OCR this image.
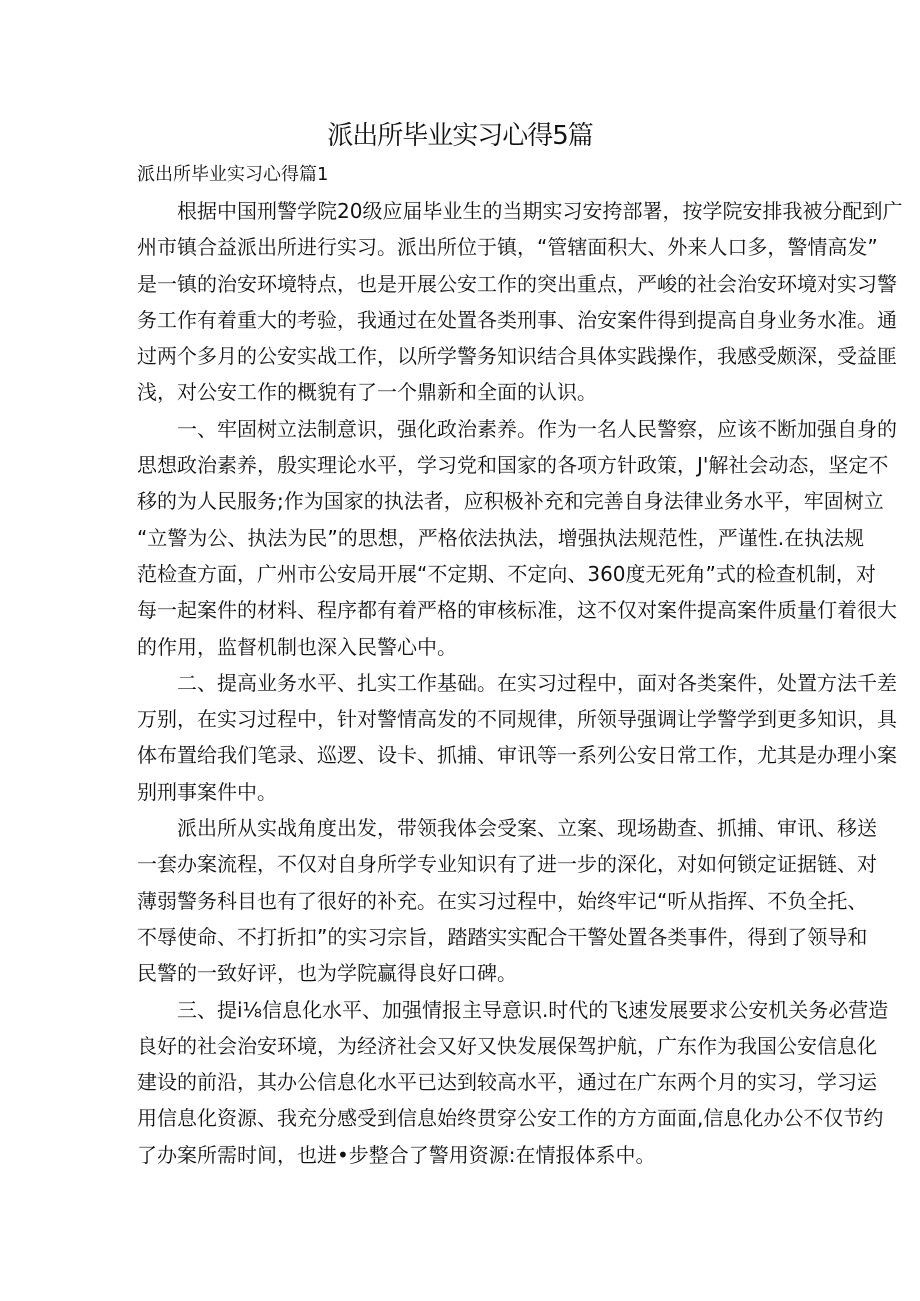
派出所毕业实习心得5篇
派出所毕业实习心得篇1
根据中国刑警学院20级应届毕业生的当期实习安挎部署，按学院安排我被分配到广
州市镇合益派出所进行实习。派出所位于镇，“管辖面积大、外来人口多，警情高发”
是一镇的治安环境特点，也是开展公安工作的突出重点，严峻的社会治安环境对实习警
务工作有着重大的考验，我通过在处置各类刑事、治安案件得到提高自身业务水准。通
过两个多月的公安实战工作，以所学警务知识结合具体实践操作，我感受颇深，受益匪
浅，对公安工作的概貌有了一个鼎新和全面的认识。
一、牢固树立法制意识，强化政治素养。作为一名人民警察，应该不断加强自身的
思想政治素养，殷实理论水平，学习党和国家的各项方针政策，J'解社会动态，坚定不
移的为人民服务;作为国家的执法者，应积极补充和完善自身法律业务水平，牢固树立
“立警为公、执法为民”的思想，严格依法执法，增强执法规范性，严谨性.在执法规
范检查方面，广州市公安局开展“不定期、不定向、360度无死角”式的检查机制，对
每一起案件的材料、程序都有着严格的审核标准，这不仅对案件提高案件质量仃着很大
的作用，监督机制也深入民警心中。
二、提高业务水平、扎实工作基础。在实习过程中，面对各类案件，处置方法千差
万别，在实习过程中，针对警情高发的不同规律，所领导强调让学警学到更多知识，具
体布置给我们笔录、巡逻、设卡、抓捕、审讯等一系列公安日常工作，尤其是办理小案
别刑事案件中。
派出所从实战角度出发，带领我体会受案、立案、现场勘查、抓捕、审讯、移送
一套办案流程，不仅对自身所学专业知识有了进一步的深化，对如何锁定证据链、对
薄弱警务科目也有了很好的补充。在实习过程中，始终牢记“听从指挥、不负全托、
不辱使命、不打折扣”的实习宗旨，踏踏实实配合干警处置各类事件，得到了领导和
民警的一致好评，也为学院赢得良好口碑。
三、提i⅛信息化水平、加强情报主导意识.时代的飞速发展要求公安机关务必营造
良好的社会治安环境，为经济社会又好又快发展保驾护航，广东作为我国公安信息化
建设的前沿，其办公信息化水平已达到较高水平，通过在广东两个月的实习，学习运
用信息化资源、我充分感受到信息始终贯穿公安工作的方方面面,信息化办公不仅节约
了办案所需时间，也进•步整合了警用资源:在情报体系中。
